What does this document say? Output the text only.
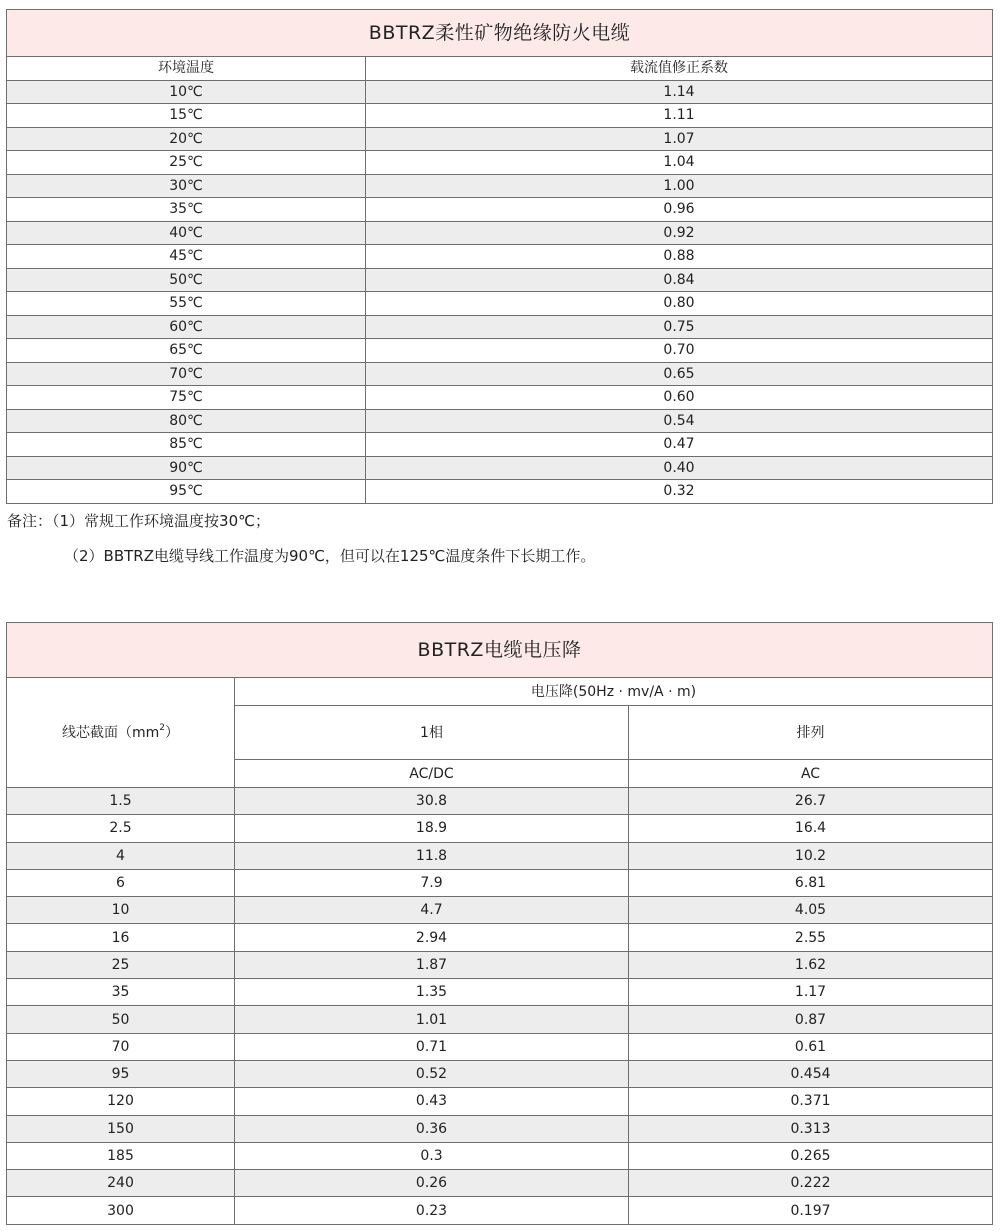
BBTRZ柔性矿物绝缘防火电缆	
环境温度	载流值修正系数
10℃	1.14
15℃	1.11
20℃	1.07
25℃	1.04
30℃	1.00
35℃	0.96
40℃	0.92
45℃	0.88
50℃	0.84
55℃	0.80
60℃	0.75
65℃	0.70
70℃	0.65
75℃	0.60
80℃	0.54
85℃	0.47
90℃	0.40
95℃	0.32
备注：（1）常规工作环境温度按30℃；
（2）BBTRZ电缆导线工作温度为90℃，但可以在125℃温度条件下长期工作。
BBTRZ电缆电压降		
线芯截面$(mm^2)$	电压降(50Hz · mv/A · m)	
	1相	排列
	AC/DC	AC
1.5	30.8	26.7
2.5	18.9	16.4
4	11.8	10.2
6	7.9	6.81
10	4.7	4.05
16	2.94	2.55
25	1.87	1.62
35	1.35	1.17
50	1.01	0.87
70	0.71	0.61
95	0.52	0.454
120	0.43	0.371
150	0.36	0.313
185	0.3	0.265
240	0.26	0.222
300	0.23	0.197
